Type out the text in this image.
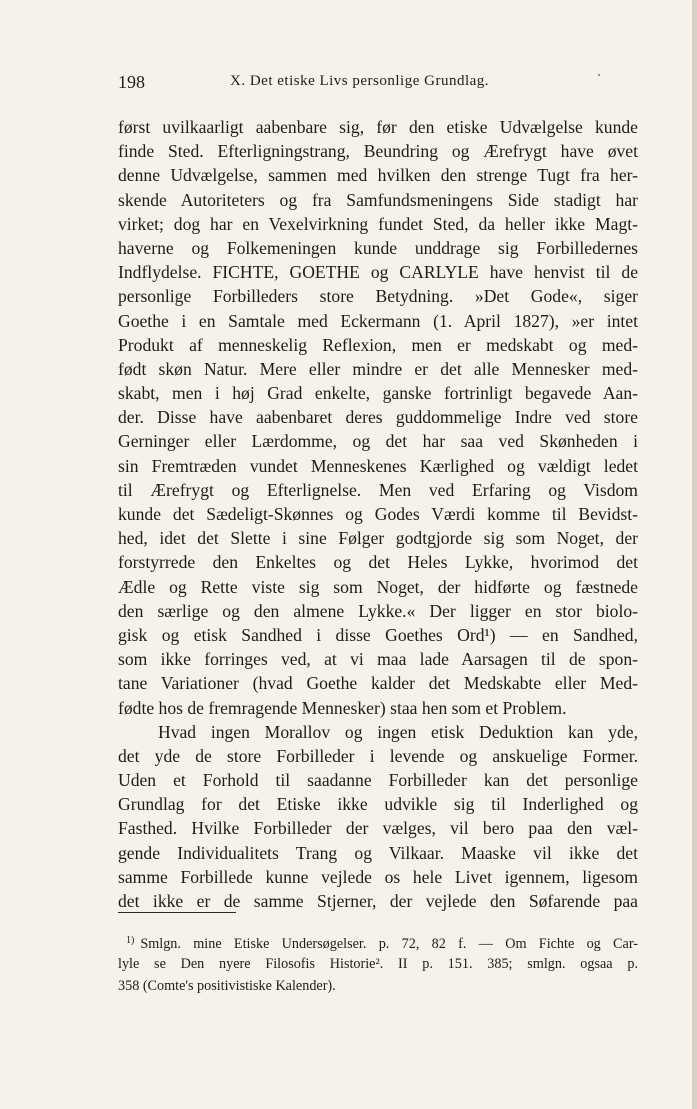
198	X. Det etiske Livs personlige Grundlag.
først uvilkaarligt aabenbare sig, før den etiske Udvælgelse kunde
finde Sted. Efterligningstrang, Beundring og Ærefrygt have øvet
denne Udvælgelse, sammen med hvilken den strenge Tugt fra her-
skende Autoriteters og fra Samfundsmeningens Side stadigt har
virket; dog har en Vexelvirkning fundet Sted, da heller ikke Magt-
haverne og Folkemeningen kunde unddrage sig Forbilledernes
Indflydelse. FICHTE, GOETHE og CARLYLE have henvist til de
personlige Forbilleders store Betydning. »Det Gode«, siger
Goethe i en Samtale med Eckermann (1. April 1827), »er intet
Produkt af menneskelig Reflexion, men er medskabt og med-
født skøn Natur. Mere eller mindre er det alle Mennesker med-
skabt, men i høj Grad enkelte, ganske fortrinligt begavede Aan-
der. Disse have aabenbaret deres guddommelige Indre ved store
Gerninger eller Lærdomme, og det har saa ved Skønheden i
sin Fremtræden vundet Menneskenes Kærlighed og vældigt ledet
til Ærefrygt og Efterlignelse. Men ved Erfaring og Visdom
kunde det Sædeligt-Skønnes og Godes Værdi komme til Bevidst-
hed, idet det Slette i sine Følger godtgjorde sig som Noget, der
forstyrrede den Enkeltes og det Heles Lykke, hvorimod det
Ædle og Rette viste sig som Noget, der hidførte og fæstnede
den særlige og den almene Lykke.« Der ligger en stor biolo-
gisk og etisk Sandhed i disse Goethes Ord¹) — en Sandhed,
som ikke forringes ved, at vi maa lade Aarsagen til de spon-
tane Variationer (hvad Goethe kalder det Medskabte eller Med-
fødte hos de fremragende Mennesker) staa hen som et Problem.
Hvad ingen Morallov og ingen etisk Deduktion kan yde,
det yde de store Forbilleder i levende og anskuelige Former.
Uden et Forhold til saadanne Forbilleder kan det personlige
Grundlag for det Etiske ikke udvikle sig til Inderlighed og
Fasthed. Hvilke Forbilleder der vælges, vil bero paa den væl-
gende Individualitets Trang og Vilkaar. Maaske vil ikke det
samme Forbillede kunne vejlede os hele Livet igennem, ligesom
det ikke er de samme Stjerner, der vejlede den Søfarende paa
$^{1)}$ Smlgn. mine Etiske Undersøgelser. p. 72, 82 f. — Om Fichte og Car-
lyle se Den nyere Filosofis Historie². II p. 151. 385; smlgn. ogsaa p.
358 (Comte's positivistiske Kalender).
